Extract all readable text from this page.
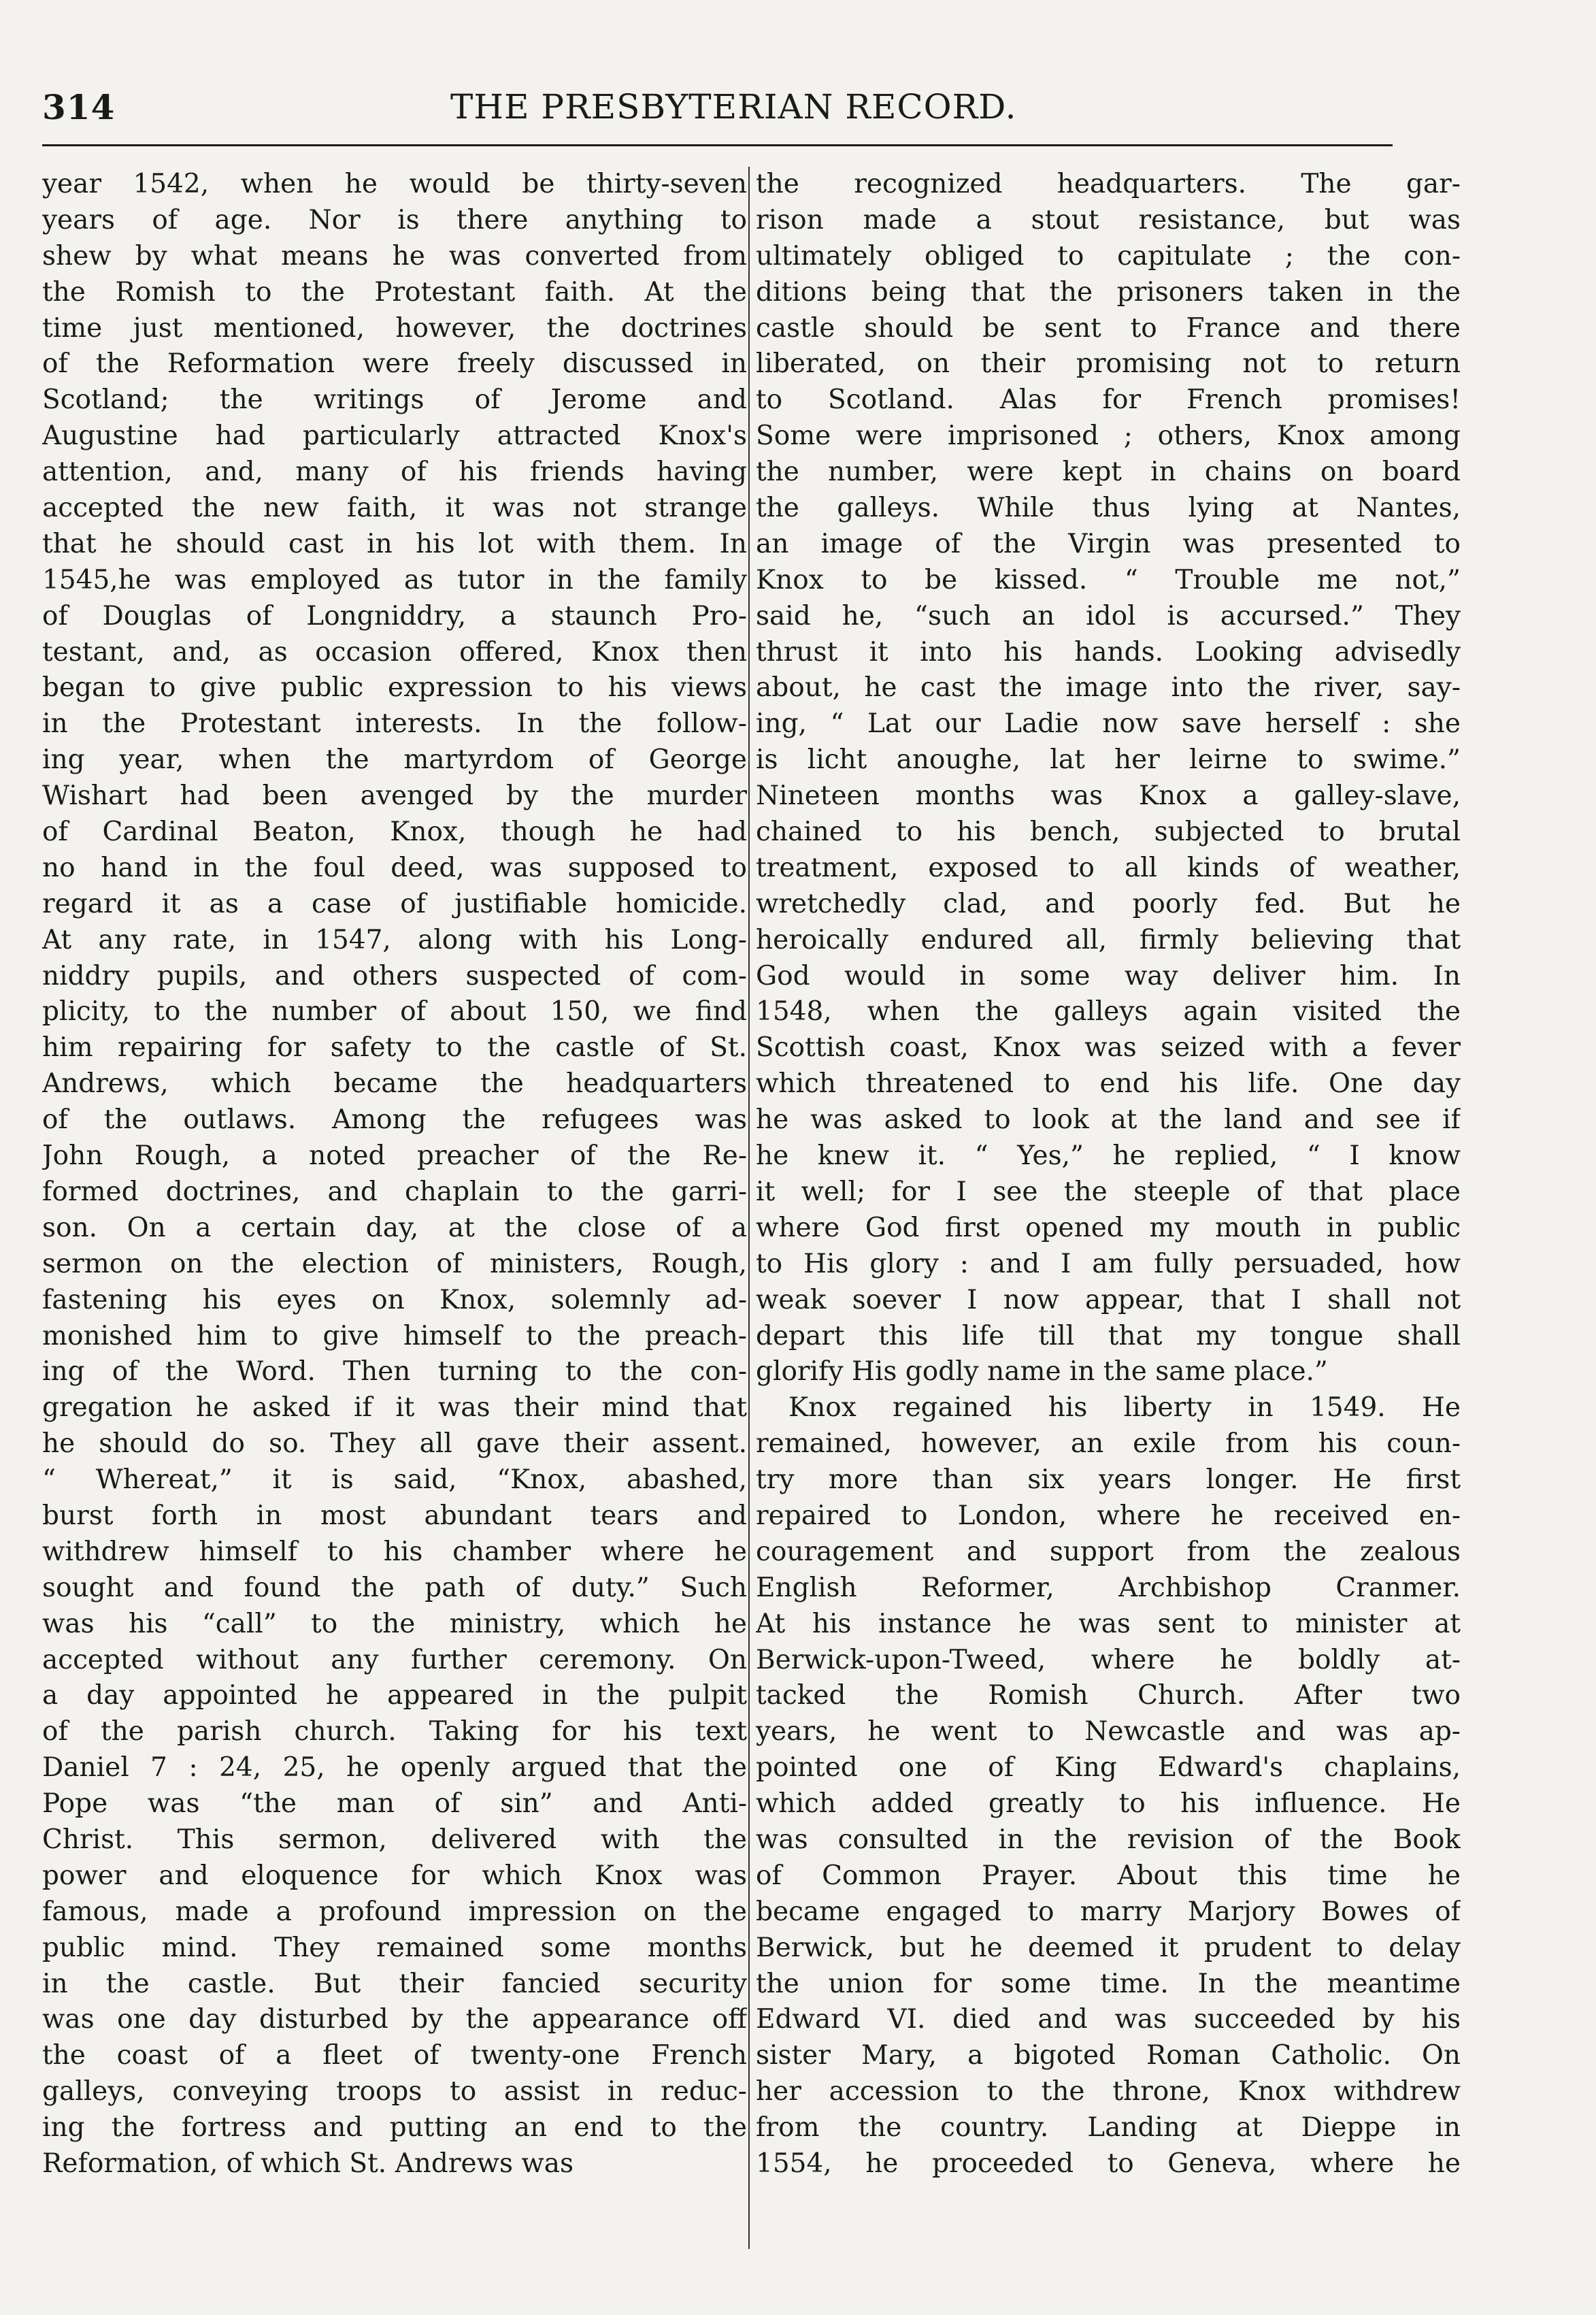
314	THE PRESBYTERIAN RECORD.
year 1542, when he would be thirty-seven
years of age. Nor is there anything to
shew by what means he was converted from
the Romish to the Protestant faith. At the
time just mentioned, however, the doctrines
of the Reformation were freely discussed in
Scotland; the writings of Jerome and
Augustine had particularly attracted Knox's
attention, and, many of his friends having
accepted the new faith, it was not strange
that he should cast in his lot with them. In
1545,he was employed as tutor in the family
of Douglas of Longniddry, a staunch Pro-
testant, and, as occasion offered, Knox then
began to give public expression to his views
in the Protestant interests. In the follow-
ing year, when the martyrdom of George
Wishart had been avenged by the murder
of Cardinal Beaton, Knox, though he had
no hand in the foul deed, was supposed to
regard it as a case of justifiable homicide.
At any rate, in 1547, along with his Long-
niddry pupils, and others suspected of com-
plicity, to the number of about 150, we find
him repairing for safety to the castle of St.
Andrews, which became the headquarters
of the outlaws. Among the refugees was
John Rough, a noted preacher of the Re-
formed doctrines, and chaplain to the garri-
son. On a certain day, at the close of a
sermon on the election of ministers, Rough,
fastening his eyes on Knox, solemnly ad-
monished him to give himself to the preach-
ing of the Word. Then turning to the con-
gregation he asked if it was their mind that
he should do so. They all gave their assent.
“ Whereat,” it is said, “Knox, abashed,
burst forth in most abundant tears and
withdrew himself to his chamber where he
sought and found the path of duty.” Such
was his “call” to the ministry, which he
accepted without any further ceremony. On
a day appointed he appeared in the pulpit
of the parish church. Taking for his text
Daniel 7 : 24, 25, he openly argued that the
Pope was “the man of sin” and Anti-
Christ. This sermon, delivered with the
power and eloquence for which Knox was
famous, made a profound impression on the
public mind. They remained some months
in the castle. But their fancied security
was one day disturbed by the appearance off
the coast of a fleet of twenty-one French
galleys, conveying troops to assist in reduc-
ing the fortress and putting an end to the
Reformation, of which St. Andrews was
the recognized headquarters. The gar-
rison made a stout resistance, but was
ultimately obliged to capitulate ; the con-
ditions being that the prisoners taken in the
castle should be sent to France and there
liberated, on their promising not to return
to Scotland. Alas for French promises!
Some were imprisoned ; others, Knox among
the number, were kept in chains on board
the galleys. While thus lying at Nantes,
an image of the Virgin was presented to
Knox to be kissed. “ Trouble me not,”
said he, “such an idol is accursed.” They
thrust it into his hands. Looking advisedly
about, he cast the image into the river, say-
ing, “ Lat our Ladie now save herself : she
is licht anoughe, lat her leirne to swime.”
Nineteen months was Knox a galley-slave,
chained to his bench, subjected to brutal
treatment, exposed to all kinds of weather,
wretchedly clad, and poorly fed. But he
heroically endured all, firmly believing that
God would in some way deliver him. In
1548, when the galleys again visited the
Scottish coast, Knox was seized with a fever
which threatened to end his life. One day
he was asked to look at the land and see if
he knew it. “ Yes,” he replied, “ I know
it well; for I see the steeple of that place
where God first opened my mouth in public
to His glory : and I am fully persuaded, how
weak soever I now appear, that I shall not
depart this life till that my tongue shall
glorify His godly name in the same place.”
Knox regained his liberty in 1549. He
remained, however, an exile from his coun-
try more than six years longer. He first
repaired to London, where he received en-
couragement and support from the zealous
English Reformer, Archbishop Cranmer.
At his instance he was sent to minister at
Berwick-upon-Tweed, where he boldly at-
tacked the Romish Church. After two
years, he went to Newcastle and was ap-
pointed one of King Edward's chaplains,
which added greatly to his influence. He
was consulted in the revision of the Book
of Common Prayer. About this time he
became engaged to marry Marjory Bowes of
Berwick, but he deemed it prudent to delay
the union for some time. In the meantime
Edward VI. died and was succeeded by his
sister Mary, a bigoted Roman Catholic. On
her accession to the throne, Knox withdrew
from the country. Landing at Dieppe in
1554, he proceeded to Geneva, where he
